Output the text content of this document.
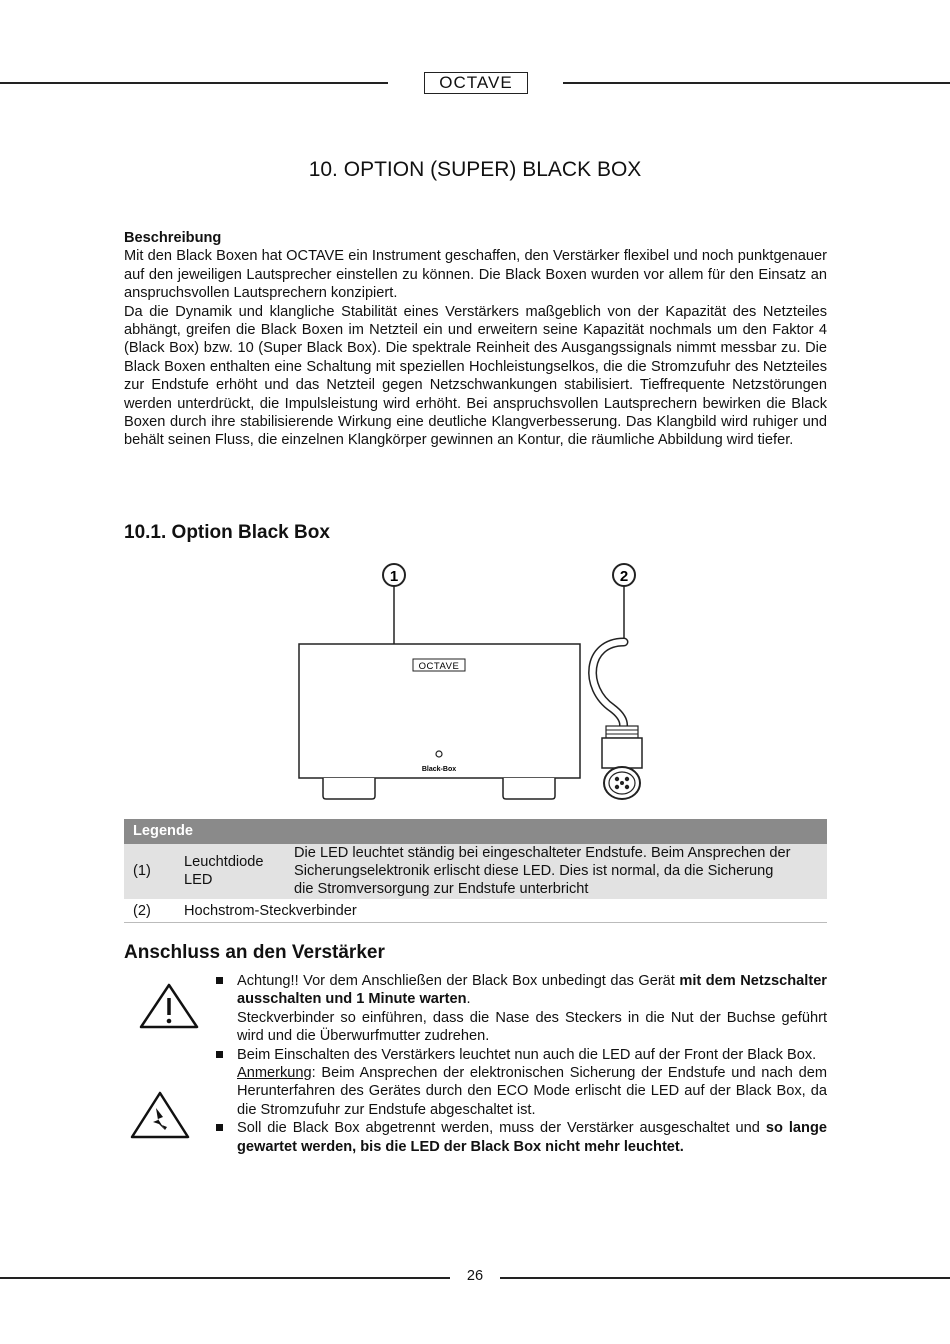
OCTAVE
10. OPTION (SUPER) BLACK BOX

Beschreibung

Mit den Black Boxen hat OCTAVE ein Instrument geschaffen, den Verstärker flexibel und noch punktgenauer auf den jeweiligen Lautsprecher einstellen zu können. Die Black Boxen wurden vor allem für den Einsatz an anspruchsvollen Lautsprechern konzipiert.

Da die Dynamik und klangliche Stabilität eines Verstärkers maßgeblich von der Kapazität des Netzteiles abhängt, greifen die Black Boxen im Netzteil ein und erweitern seine Kapazität nochmals um den Faktor 4 (Black Box) bzw. 10 (Super Black Box). Die spektrale Reinheit des Ausgangssignals nimmt messbar zu. Die Black Boxen enthalten eine Schaltung mit speziellen Hochleistungselkos, die die Stromzufuhr des Netzteiles zur Endstufe erhöht und das Netzteil gegen Netzschwankungen stabilisiert. Tieffrequente Netzstörungen werden unterdrückt, die Impulsleistung wird erhöht. Bei anspruchsvollen Lautsprechern bewirken die Black Boxen durch ihre stabilisierende Wirkung eine deutliche Klangverbesserung. Das Klangbild wird ruhiger und behält seinen Fluss, die einzelnen Klangkörper gewinnen an Kontur, die räumliche Abbildung wird tiefer.

10.1. Option Black Box
1	2
OCTAVE
Black-Box
Legende
(1)
Leuchtdiode LED
Die LED leuchtet ständig bei eingeschalteter Endstufe. Beim Ansprechen der Sicherungselektronik erlischt diese LED. Dies ist normal, da die Sicherung die Stromversorgung zur Endstufe unterbricht
(2) Hochstrom-Steckverbinder
Anschluss an den Verstärker

Achtung!! Vor dem Anschließen der Black Box unbedingt das Gerät mit dem Netzschalter ausschalten und 1 Minute warten.

Steckverbinder so einführen, dass die Nase des Steckers in die Nut der Buchse geführt wird und die Überwurfmutter zudrehen.

Beim Einschalten des Verstärkers leuchtet nun auch die LED auf der Front der Black Box.

Anmerkung: Beim Ansprechen der elektronischen Sicherung der Endstufe und nach dem Herunterfahren des Gerätes durch den ECO Mode erlischt die LED auf der Black Box, da die Stromzufuhr zur Endstufe abgeschaltet ist.

Soll die Black Box abgetrennt werden, muss der Verstärker ausgeschaltet und so lange gewartet werden, bis die LED der Black Box nicht mehr leuchtet.

26
